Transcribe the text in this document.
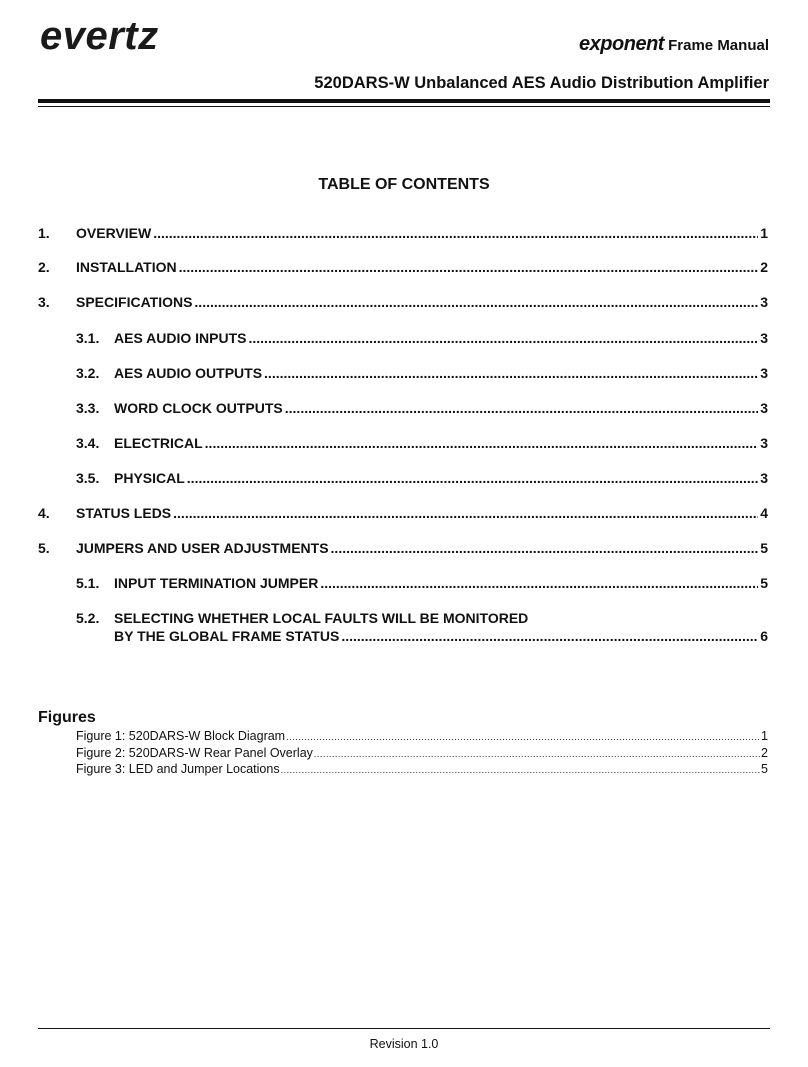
evertz	exponent Frame Manual
520DARS-W Unbalanced AES Audio Distribution Amplifier
TABLE OF CONTENTS
1. OVERVIEW .....	1
2. INSTALLATION .....	2
3. SPECIFICATIONS .....	3
3.1. AES AUDIO INPUTS .....	3
3.2. AES AUDIO OUTPUTS .....	3
3.3. WORD CLOCK OUTPUTS .....	3
3.4. ELECTRICAL .....	3
3.5. PHYSICAL .....	3
4. STATUS LEDS .....	4
5. JUMPERS AND USER ADJUSTMENTS .....	5
5.1. INPUT TERMINATION JUMPER .....	5
5.2. SELECTING WHETHER LOCAL FAULTS WILL BE MONITORED
BY THE GLOBAL FRAME STATUS .....	6
Figures
Figure 1: 520DARS-W Block Diagram .....	1
Figure 2: 520DARS-W Rear Panel Overlay .....	2
Figure 3: LED and Jumper Locations .....	5
Revision 1.0
